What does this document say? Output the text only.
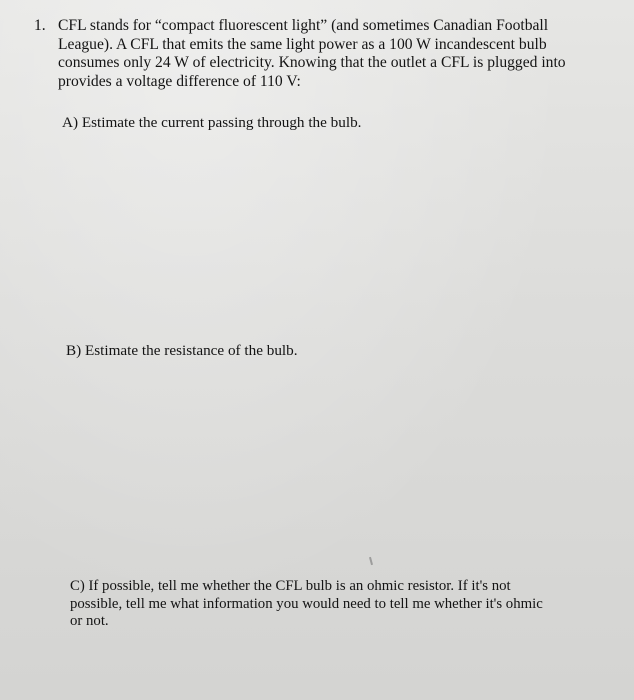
1. CFL stands for “compact fluorescent light” (and sometimes Canadian Football
League). A CFL that emits the same light power as a 100 W incandescent bulb
consumes only 24 W of electricity. Knowing that the outlet a CFL is plugged into
provides a voltage difference of 110 V:
A) Estimate the current passing through the bulb.
B) Estimate the resistance of the bulb.
C) If possible, tell me whether the CFL bulb is an ohmic resistor. If it's not
possible, tell me what information you would need to tell me whether it's ohmic
or not.
